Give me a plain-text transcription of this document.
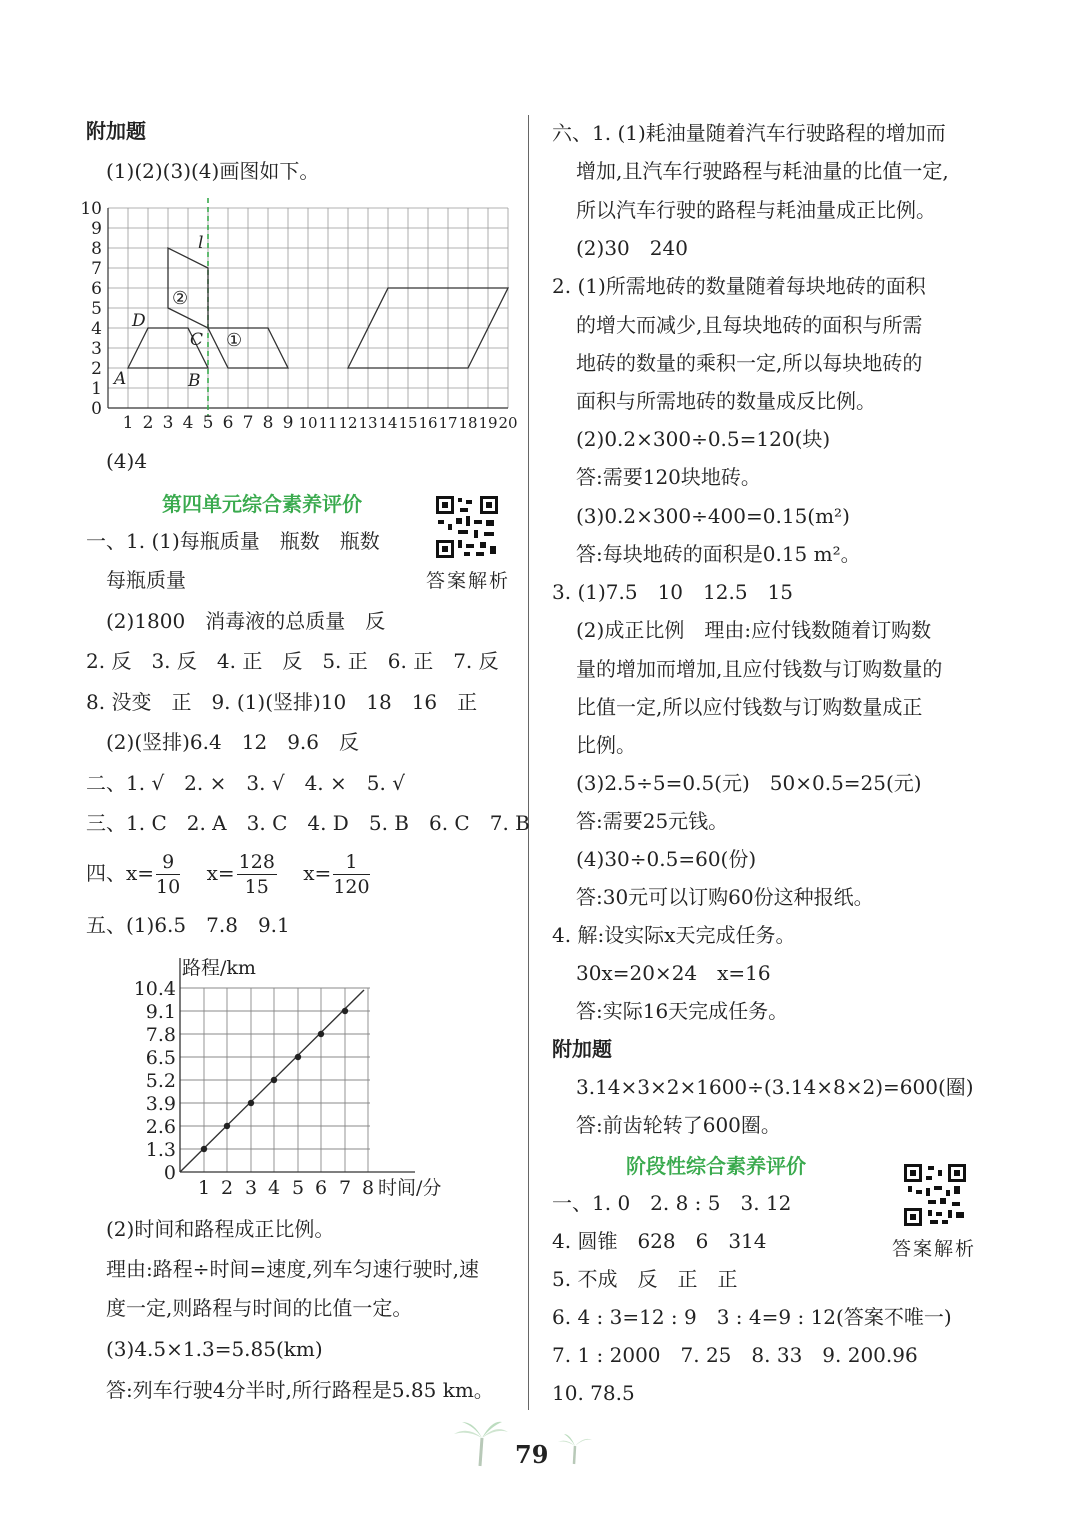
附加题
(1)(2)(3)(4)画图如下。
10
9
8
7
6
5
4
3
2
1
0
1 2 3 4 5 6 7 8 9 10 11 12 13 14 15 16 17 18 19 20
l
A	B
C
D
②
①
(4)4
第四单元综合素养评价
答案解析
一、1. (1)每瓶质量　瓶数　瓶数
每瓶质量
(2)1800　消毒液的总质量　反
2. 反　3. 反　4. 正　反　5. 正　6. 正　7. 反
8. 没变　正　9. (1)(竖排)10　18　16　正
(2)(竖排)6.4　12　9.6　反
二、1. √　2. ×　3. √　4. ×　5. √
三、1. C　2. A　3. C　4. D　5. B　6. C　7. B
四、$x= \frac{9}{10} x= \frac{128}{15} x= \frac{1}{120}$
五、(1)6.5　7.8　9.1
路程/km
时间/分
10.4
9.1
7.8
6.5
5.2
3.9
2.6
1.3
0
1 2 3 4 5 6 7 8
(2)时间和路程成正比例。
理由:路程÷时间=速度,列车匀速行驶时,速
度一定,则路程与时间的比值一定。
(3)4.5×1.3=5.85(km)
答:列车行驶4分半时,所行路程是5.85 km。
六、1. (1)耗油量随着汽车行驶路程的增加而
增加,且汽车行驶路程与耗油量的比值一定,
所以汽车行驶的路程与耗油量成正比例。
(2)30　240
2. (1)所需地砖的数量随着每块地砖的面积
的增大而减少,且每块地砖的面积与所需
地砖的数量的乘积一定,所以每块地砖的
面积与所需地砖的数量成反比例。
(2)0.2×300÷0.5=120(块)
答:需要120块地砖。
(3)0.2×300÷400=0.15(m²)
答:每块地砖的面积是0.15 m²。
3. (1)7.5　10　12.5　15
(2)成正比例　理由:应付钱数随着订购数
量的增加而增加,且应付钱数与订购数量的
比值一定,所以应付钱数与订购数量成正
比例。
(3)2.5÷5=0.5(元)　50×0.5=25(元)
答:需要25元钱。
(4)30÷0.5=60(份)
答:30元可以订购60份这种报纸。
4. 解:设实际x天完成任务。
30x=20×24　x=16
答:实际16天完成任务。
附加题
3.14×3×2×1600÷(3.14×8×2)=600(圈)
答:前齿轮转了600圈。
阶段性综合素养评价
答案解析
一、1. 0　2. 8 : 5　3. 12
4. 圆锥　628　6　314
5. 不成　反　正　正
6. 4 : 3=12 : 9　3 : 4=9 : 12(答案不唯一)
7. 1 : 2000　7. 25　8. 33　9. 200.96
10. 78.5
79
